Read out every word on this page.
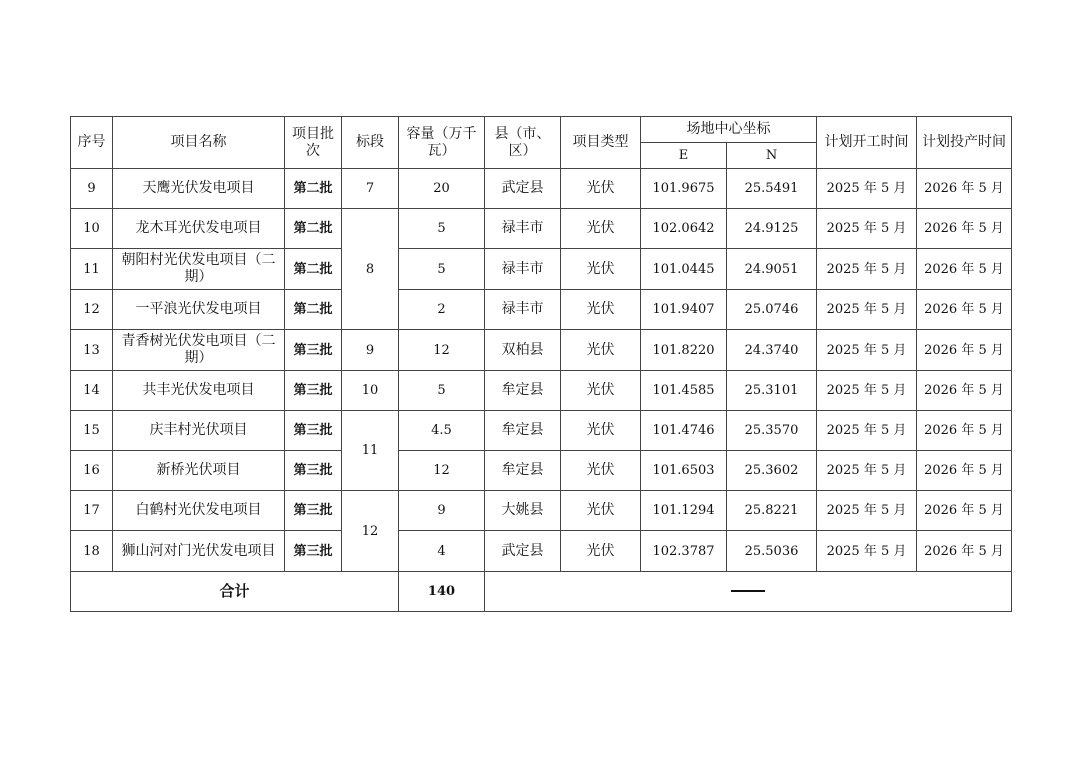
序号	项目名称	项目批次	标段	容量（万千瓦）	县（市、区）	项目类型	场地中心坐标		计划开工时间	计划投产时间
							E	N		
9	天鹰光伏发电项目	第二批	7	20	武定县	光伏	101.9675	25.5491	2025 年 5 月	2026 年 5 月
10	龙木耳光伏发电项目	第二批	8	5	禄丰市	光伏	102.0642	24.9125	2025 年 5 月	2026 年 5 月
11	朝阳村光伏发电项目（二期）	第二批		5	禄丰市	光伏	101.0445	24.9051	2025 年 5 月	2026 年 5 月
12	一平浪光伏发电项目	第二批		2	禄丰市	光伏	101.9407	25.0746	2025 年 5 月	2026 年 5 月
13	青香树光伏发电项目（二期）	第三批	9	12	双柏县	光伏	101.8220	24.3740	2025 年 5 月	2026 年 5 月
14	共丰光伏发电项目	第三批	10	5	牟定县	光伏	101.4585	25.3101	2025 年 5 月	2026 年 5 月
15	庆丰村光伏项目	第三批	11	4.5	牟定县	光伏	101.4746	25.3570	2025 年 5 月	2026 年 5 月
16	新桥光伏项目	第三批		12	牟定县	光伏	101.6503	25.3602	2025 年 5 月	2026 年 5 月
17	白鹤村光伏发电项目	第三批	12	9	大姚县	光伏	101.1294	25.8221	2025 年 5 月	2026 年 5 月
18	狮山河对门光伏发电项目	第三批		4	武定县	光伏	102.3787	25.5036	2025 年 5 月	2026 年 5 月
合计				140						
